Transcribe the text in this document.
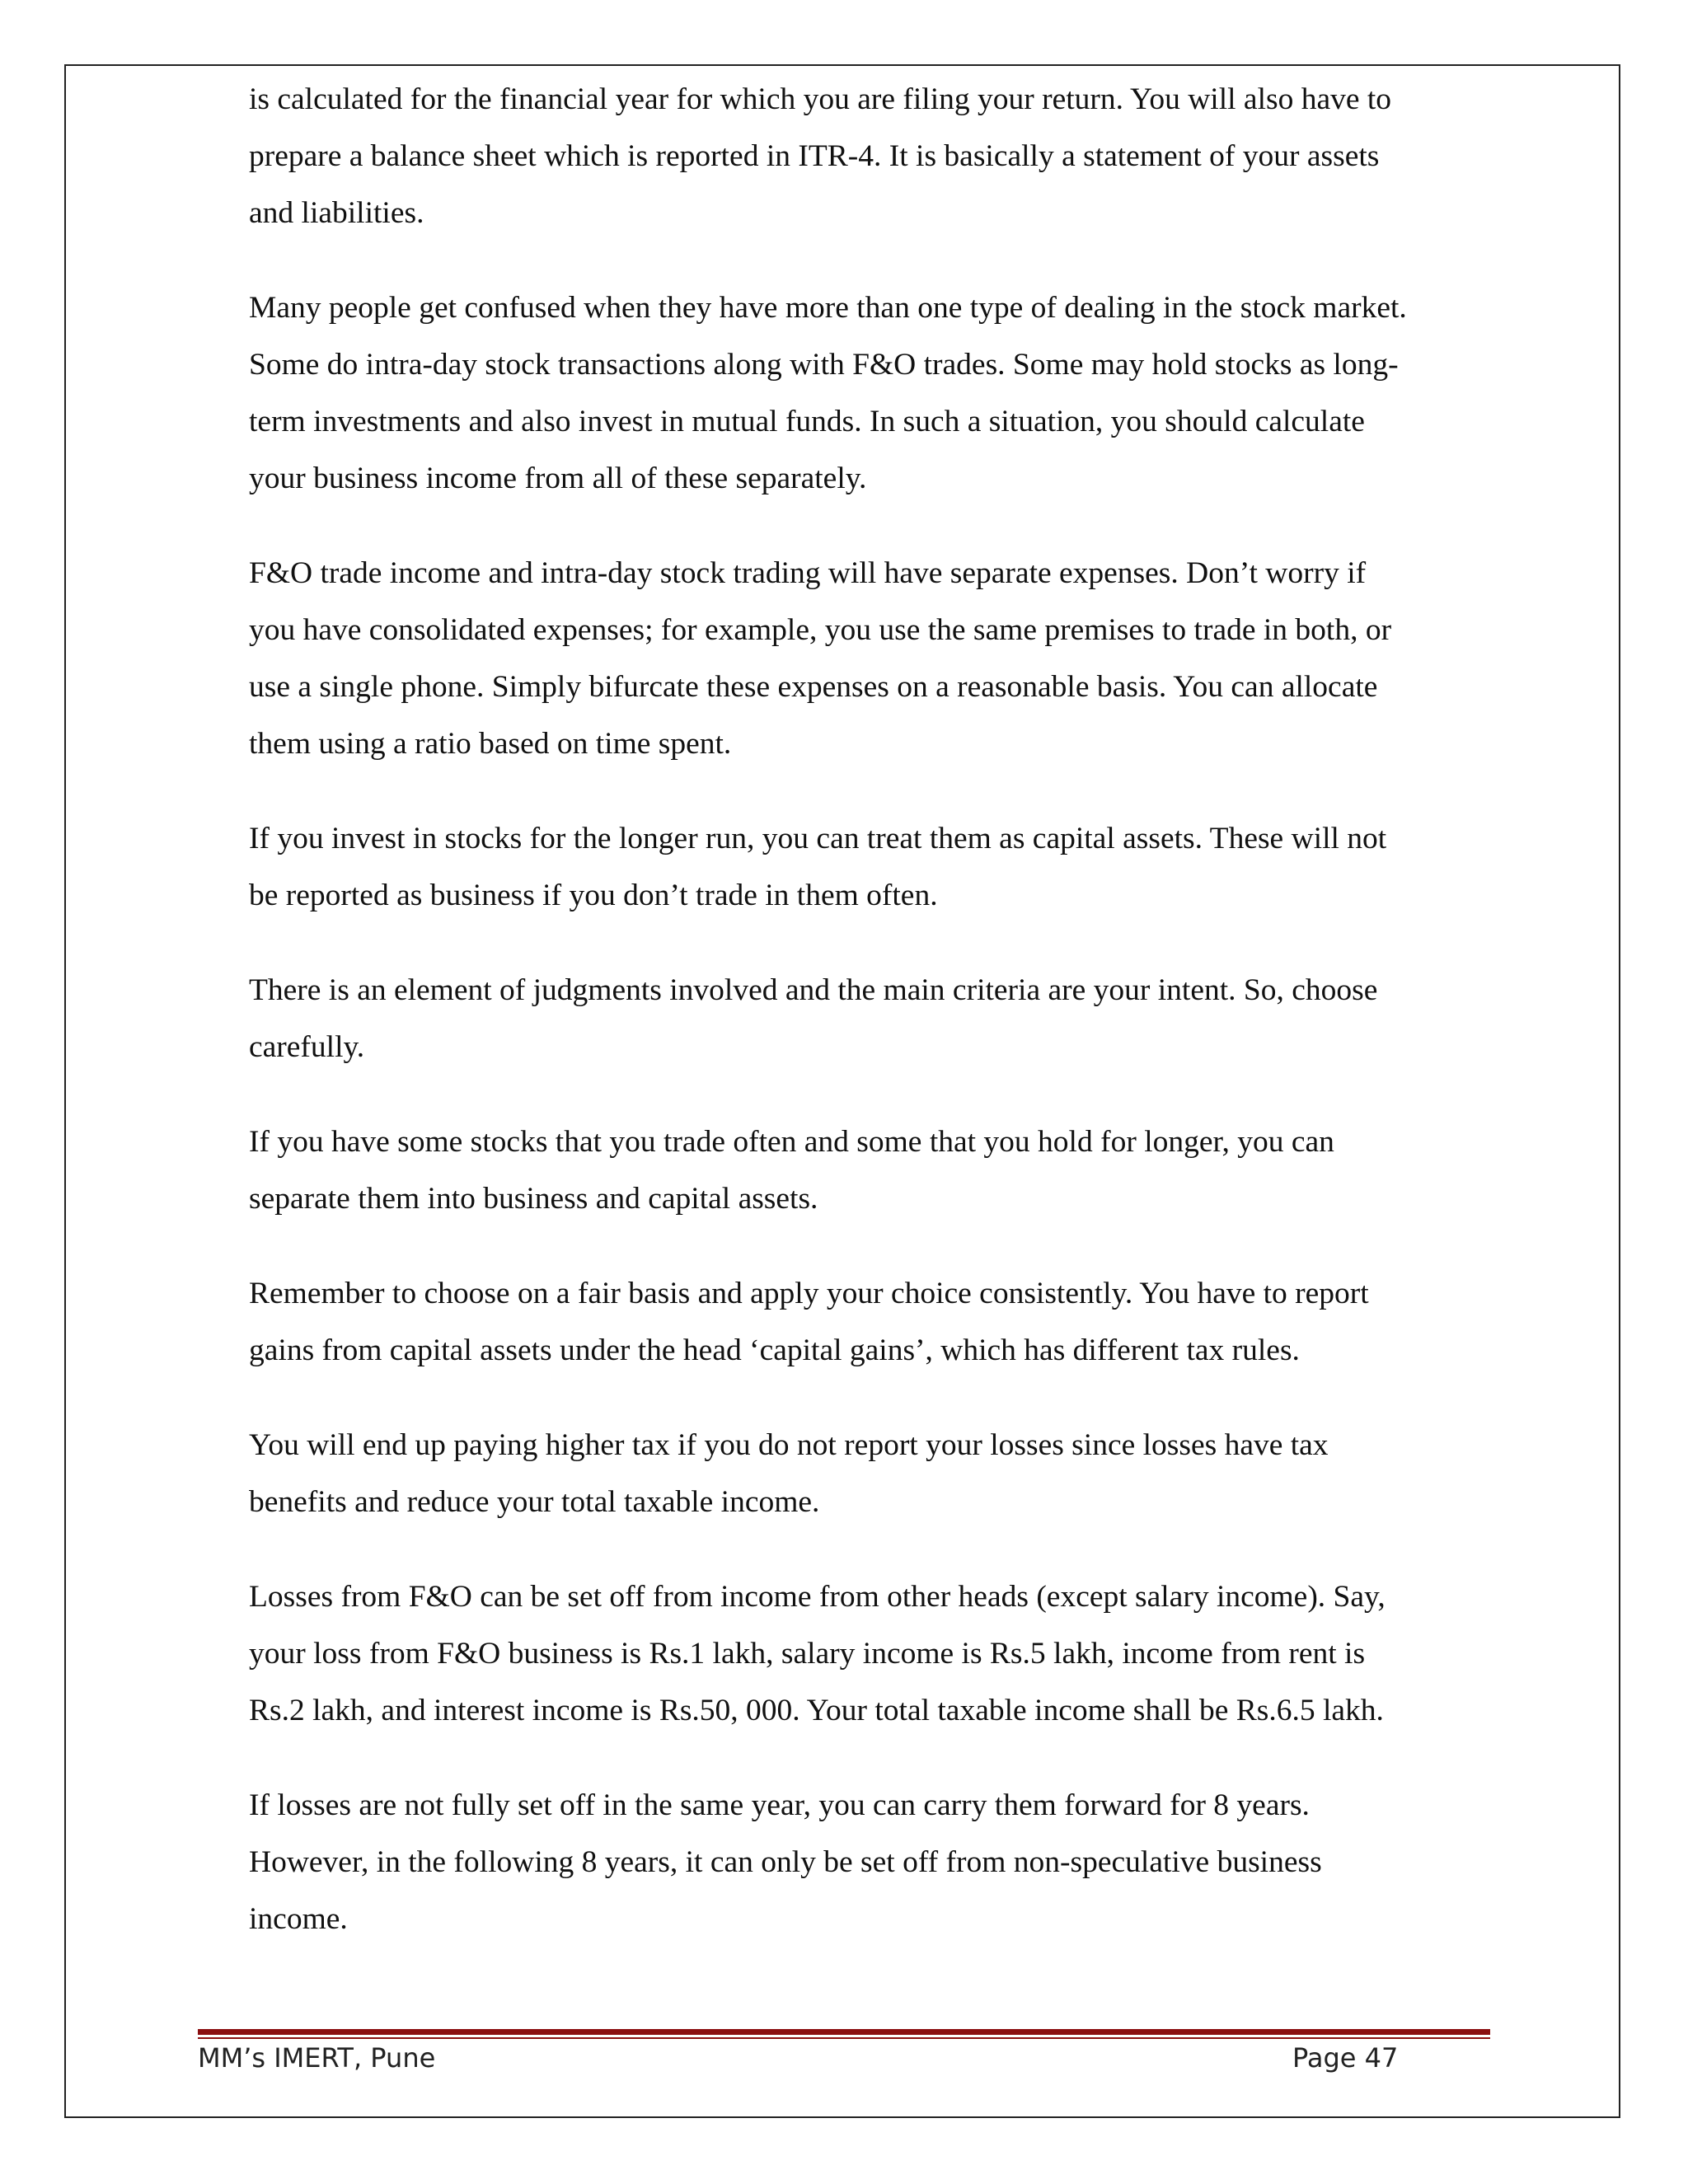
is calculated for the financial year for which you are filing your return. You will also have to
prepare a balance sheet which is reported in ITR-4. It is basically a statement of your assets
and liabilities.

Many people get confused when they have more than one type of dealing in the stock market.
Some do intra-day stock transactions along with F&O trades. Some may hold stocks as long-
term investments and also invest in mutual funds. In such a situation, you should calculate
your business income from all of these separately.

F&O trade income and intra-day stock trading will have separate expenses. Don’t worry if
you have consolidated expenses; for example, you use the same premises to trade in both, or
use a single phone. Simply bifurcate these expenses on a reasonable basis. You can allocate
them using a ratio based on time spent.

If you invest in stocks for the longer run, you can treat them as capital assets. These will not
be reported as business if you don’t trade in them often.

There is an element of judgments involved and the main criteria are your intent. So, choose
carefully.

If you have some stocks that you trade often and some that you hold for longer, you can
separate them into business and capital assets.

Remember to choose on a fair basis and apply your choice consistently. You have to report
gains from capital assets under the head ‘capital gains’, which has different tax rules.

You will end up paying higher tax if you do not report your losses since losses have tax
benefits and reduce your total taxable income.

Losses from F&O can be set off from income from other heads (except salary income). Say,
your loss from F&O business is Rs.1 lakh, salary income is Rs.5 lakh, income from rent is
Rs.2 lakh, and interest income is Rs.50, 000. Your total taxable income shall be Rs.6.5 lakh.

If losses are not fully set off in the same year, you can carry them forward for 8 years.
However, in the following 8 years, it can only be set off from non-speculative business
income.

MM’s IMERT, Pune	Page 47
